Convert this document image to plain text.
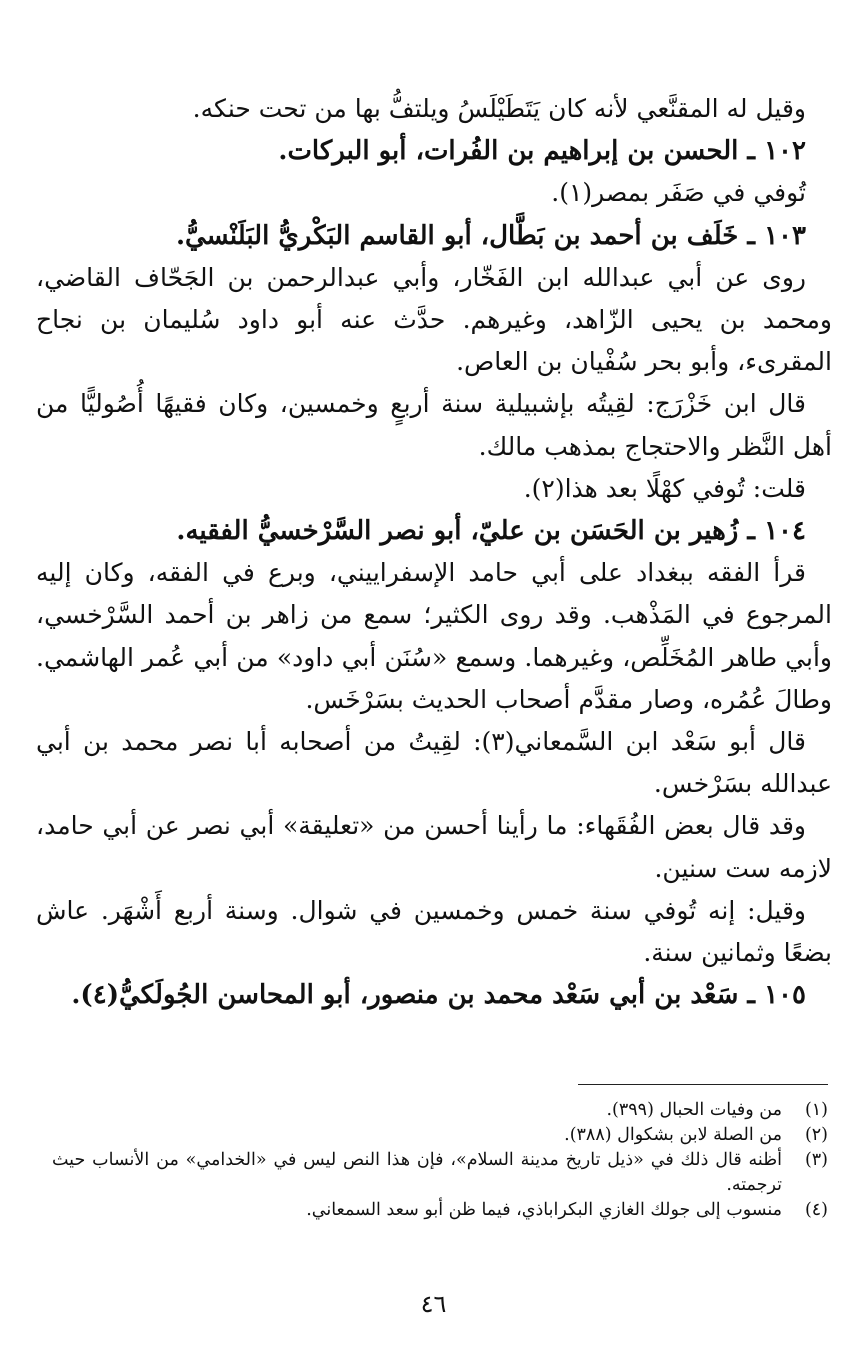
وقيل له المقنَّعي لأنه كان يَتَطَيْلَسُ ويلتفُّ بها من تحت حنكه.

١٠٢ ـ الحسن بن إبراهيم بن الفُرات، أبو البركات.

تُوفي في صَفَر بمصر(١).

١٠٣ ـ خَلَف بن أحمد بن بَطَّال، أبو القاسم البَكْريُّ البَلَنْسيُّ.

روى عن أبي عبدالله ابن الفَخّار، وأبي عبدالرحمن بن الجَحّاف القاضي، ومحمد بن يحيى الزّاهد، وغيرهم. حدَّث عنه أبو داود سُليمان بن نجاح المقرىء، وأبو بحر سُفْيان بن العاص.

قال ابن خَزْرَج: لقِيتُه بإشبيلية سنة أربعٍ وخمسين، وكان فقيهًا أُصُوليًّا من أهل النَّظر والاحتجاج بمذهب مالك.

قلت: تُوفي كهْلًا بعد هذا(٢).

١٠٤ ـ زُهير بن الحَسَن بن عليّ، أبو نصر السَّرْخسيُّ الفقيه.

قرأ الفقه ببغداد على أبي حامد الإسفراييني، وبرع في الفقه، وكان إليه المرجوع في المَذْهب. وقد روى الكثير؛ سمع من زاهر بن أحمد السَّرْخسي، وأبي طاهر المُخَلِّص، وغيرهما. وسمع «سُنَن أبي داود» من أبي عُمر الهاشمي. وطالَ عُمُره، وصار مقدَّم أصحاب الحديث بسَرْخَس.

قال أبو سَعْد ابن السَّمعاني(٣): لقِيتُ من أصحابه أبا نصر محمد بن أبي عبدالله بسَرْخس.

وقد قال بعض الفُقَهاء: ما رأينا أحسن من «تعليقة» أبي نصر عن أبي حامد، لازمه ست سنين.

وقيل: إنه تُوفي سنة خمس وخمسين في شوال. وسنة أربع أَشْهَر. عاش بضعًا وثمانين سنة.

١٠٥ ـ سَعْد بن أبي سَعْد محمد بن منصور، أبو المحاسن الجُولَكيُّ(٤).

(١)
من وفيات الحبال (٣٩٩).
(٢)
من الصلة لابن بشكوال (٣٨٨).
(٣)
أظنه قال ذلك في «ذيل تاريخ مدينة السلام»، فإن هذا النص ليس في «الخدامي» من الأنساب حيث ترجمته.
(٤)
منسوب إلى جولك الغازي البكراباذي، فيما ظن أبو سعد السمعاني.
٤٦
